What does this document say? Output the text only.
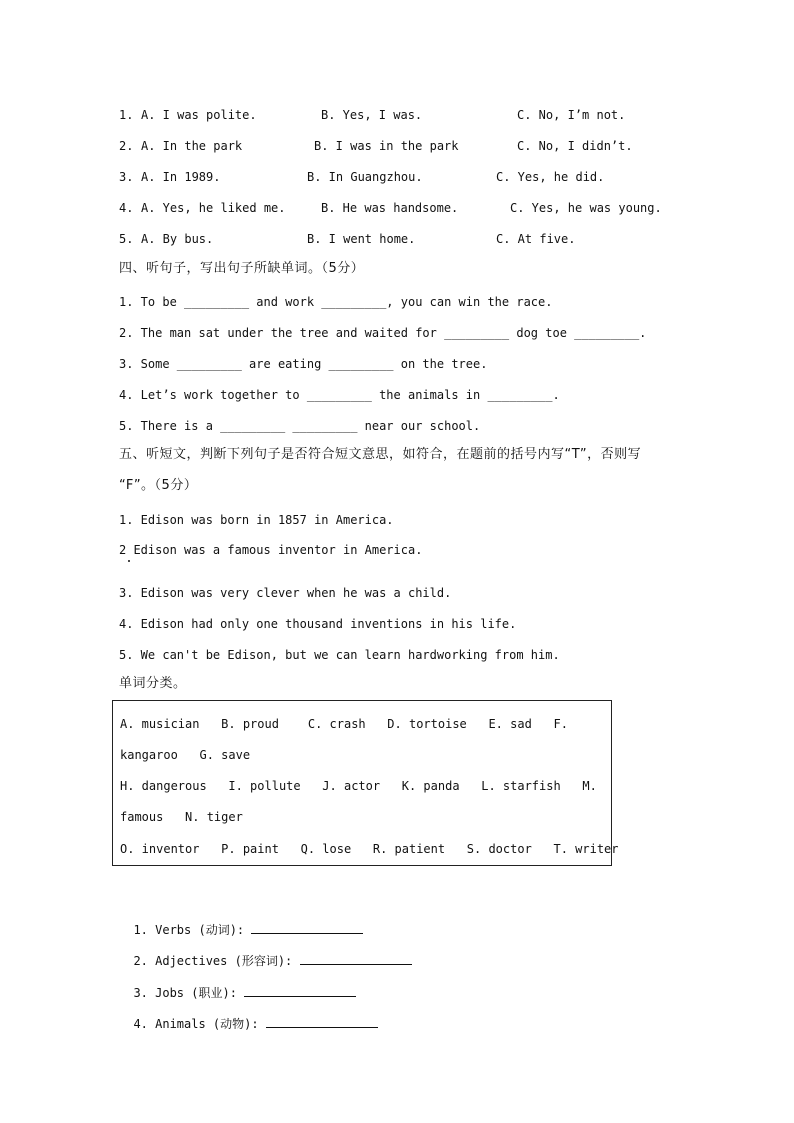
1. A. I was polite.	B. Yes, I was.	C. No, I’m not.
2. A. In the park	B. I was in the park	C. No, I didn’t.
3. A. In 1989.	B. In Guangzhou.	C. Yes, he did.
4. A. Yes, he liked me.	B. He was handsome.	C. Yes, he was young.
5. A. By bus.	B. I went home.	C. At five.
四、听句子，写出句子所缺单词。（5分）
1. To be _________ and work _________, you can win the race.
2. The man sat under the tree and waited for _________ dog toe _________.
3. Some _________ are eating _________ on the tree.
4. Let’s work together to _________ the animals in _________.
5. There is a _________ _________ near our school.
五、听短文，判断下列句子是否符合短文意思，如符合，在题前的括号内写“T”，否则写
“F”。（5分）
1. Edison was born in 1857 in America.
2 Edison was a famous inventor in America.
3. Edison was very clever when he was a child.
4. Edison had only one thousand inventions in his life.
5. We can't be Edison, but we can learn hardworking from him.
单词分类。
A. musician   B. proud    C. crash   D. tortoise   E. sad   F.
kangaroo   G. save
H. dangerous   I. pollute   J. actor   K. panda   L. starfish   M.
famous   N. tiger
O. inventor   P. paint   Q. lose   R. patient   S. doctor   T. writer

1. Verbs (动词):

2. Adjectives (形容词):

3. Jobs (职业):

4. Animals (动物):
